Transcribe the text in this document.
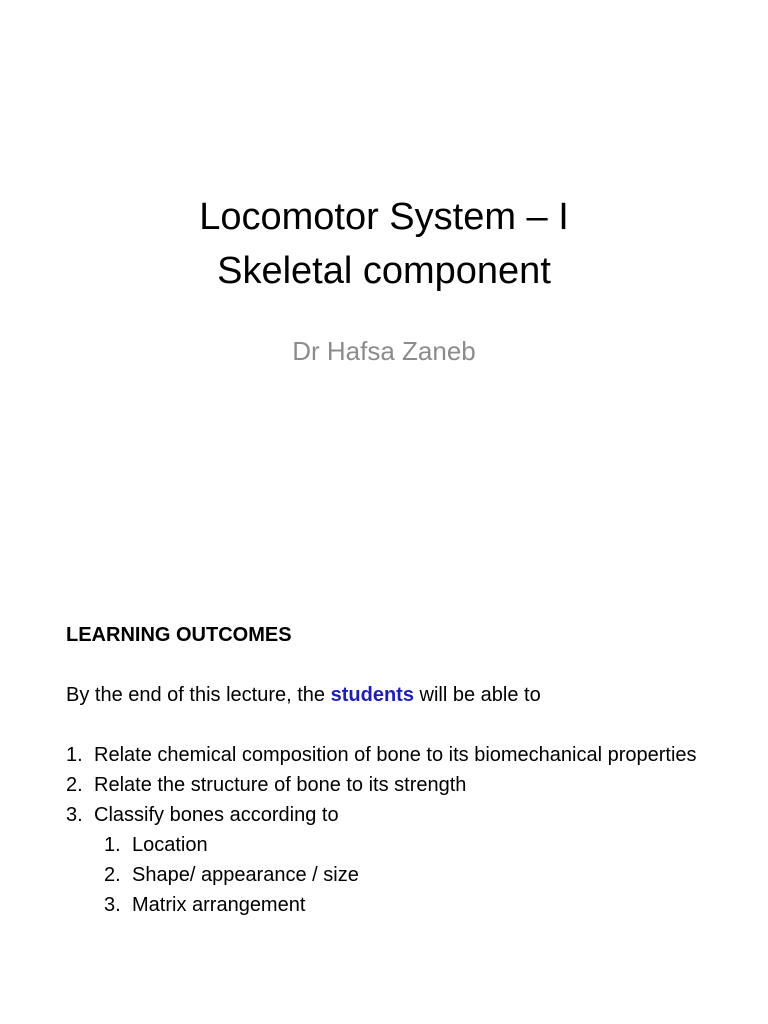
Locomotor System – I
Skeletal component
Dr Hafsa Zaneb
LEARNING OUTCOMES
By the end of this lecture, the students will be able to
1. Relate chemical composition of bone to its biomechanical properties
2. Relate the structure of bone to its strength
3. Classify bones according to
1. Location
2. Shape/ appearance / size
3. Matrix arrangement
